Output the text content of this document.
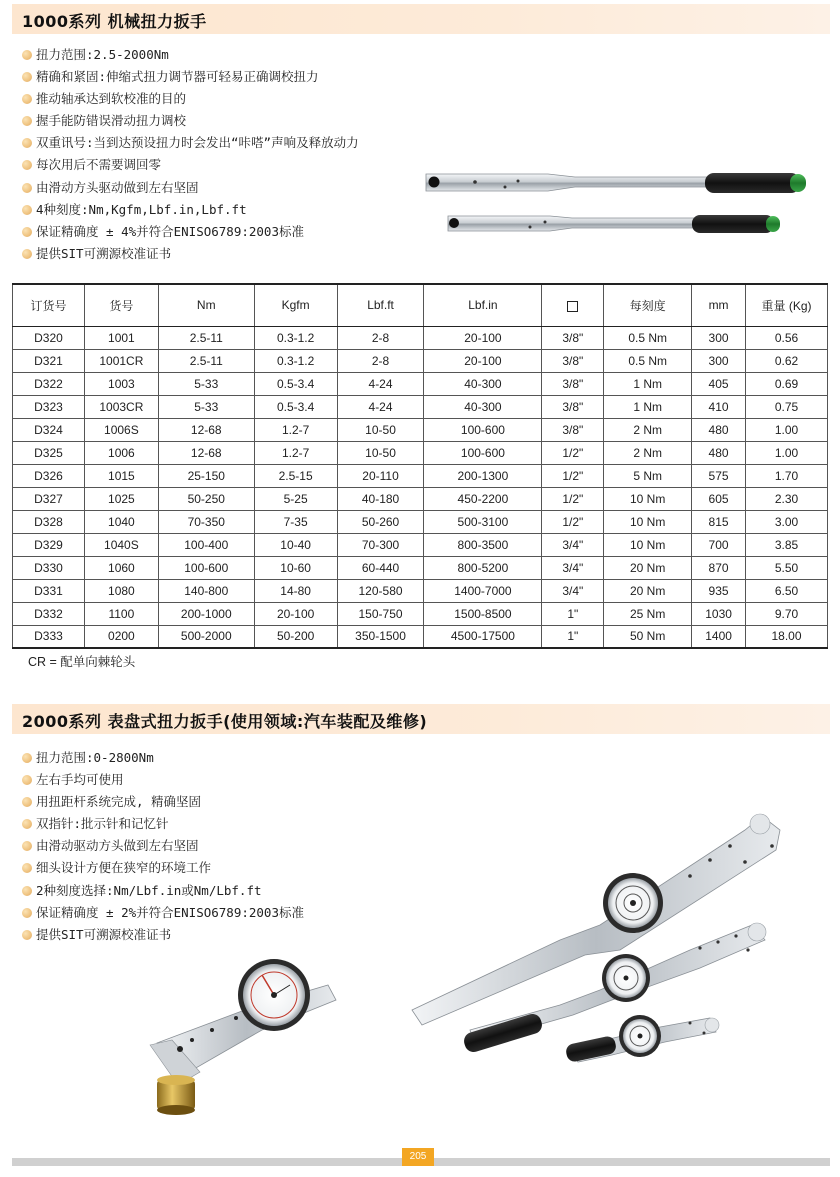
1000系列 机械扭力扳手
扭力范围:2.5-2000Nm
精确和紧固:伸缩式扭力调节器可轻易正确调校扭力
推动轴承达到软校准的目的
握手能防错误滑动扭力调校
双重讯号:当到达预设扭力时会发出“咔嗒”声响及释放动力
每次用后不需要调回零
由滑动方头驱动做到左右坚固
4种刻度:Nm,Kgfm,Lbf.in,Lbf.ft
保证精确度 ± 4%并符合ENISO6789:2003标准
提供SIT可溯源校准证书
订货号	货号	Nm	Kgfm	Lbf.ft	Lbf.in		每刻度	mm	重量 (Kg)
D320	1001	2.5-11	0.3-1.2	2-8	20-100	3/8"	0.5 Nm	300	0.56
D321	1001CR	2.5-11	0.3-1.2	2-8	20-100	3/8"	0.5 Nm	300	0.62
D322	1003	5-33	0.5-3.4	4-24	40-300	3/8"	1 Nm	405	0.69
D323	1003CR	5-33	0.5-3.4	4-24	40-300	3/8"	1 Nm	410	0.75
D324	1006S	12-68	1.2-7	10-50	100-600	3/8"	2 Nm	480	1.00
D325	1006	12-68	1.2-7	10-50	100-600	1/2"	2 Nm	480	1.00
D326	1015	25-150	2.5-15	20-110	200-1300	1/2"	5 Nm	575	1.70
D327	1025	50-250	5-25	40-180	450-2200	1/2"	10 Nm	605	2.30
D328	1040	70-350	7-35	50-260	500-3100	1/2"	10 Nm	815	3.00
D329	1040S	100-400	10-40	70-300	800-3500	3/4"	10 Nm	700	3.85
D330	1060	100-600	10-60	60-440	800-5200	3/4"	20 Nm	870	5.50
D331	1080	140-800	14-80	120-580	1400-7000	3/4"	20 Nm	935	6.50
D332	1100	200-1000	20-100	150-750	1500-8500	1"	25 Nm	1030	9.70
D333	0200	500-2000	50-200	350-1500	4500-17500	1"	50 Nm	1400	18.00
CR = 配单向棘轮头
2000系列 表盘式扭力扳手(使用领域:汽车装配及维修)
扭力范围:0-2800Nm
左右手均可使用
用扭距杆系统完成, 精确坚固
双指针:批示针和记忆针
由滑动驱动方头做到左右坚固
细头设计方便在狭窄的环境工作
2种刻度选择:Nm/Lbf.in或Nm/Lbf.ft
保证精确度 ± 2%并符合ENISO6789:2003标准
提供SIT可溯源校准证书
205
